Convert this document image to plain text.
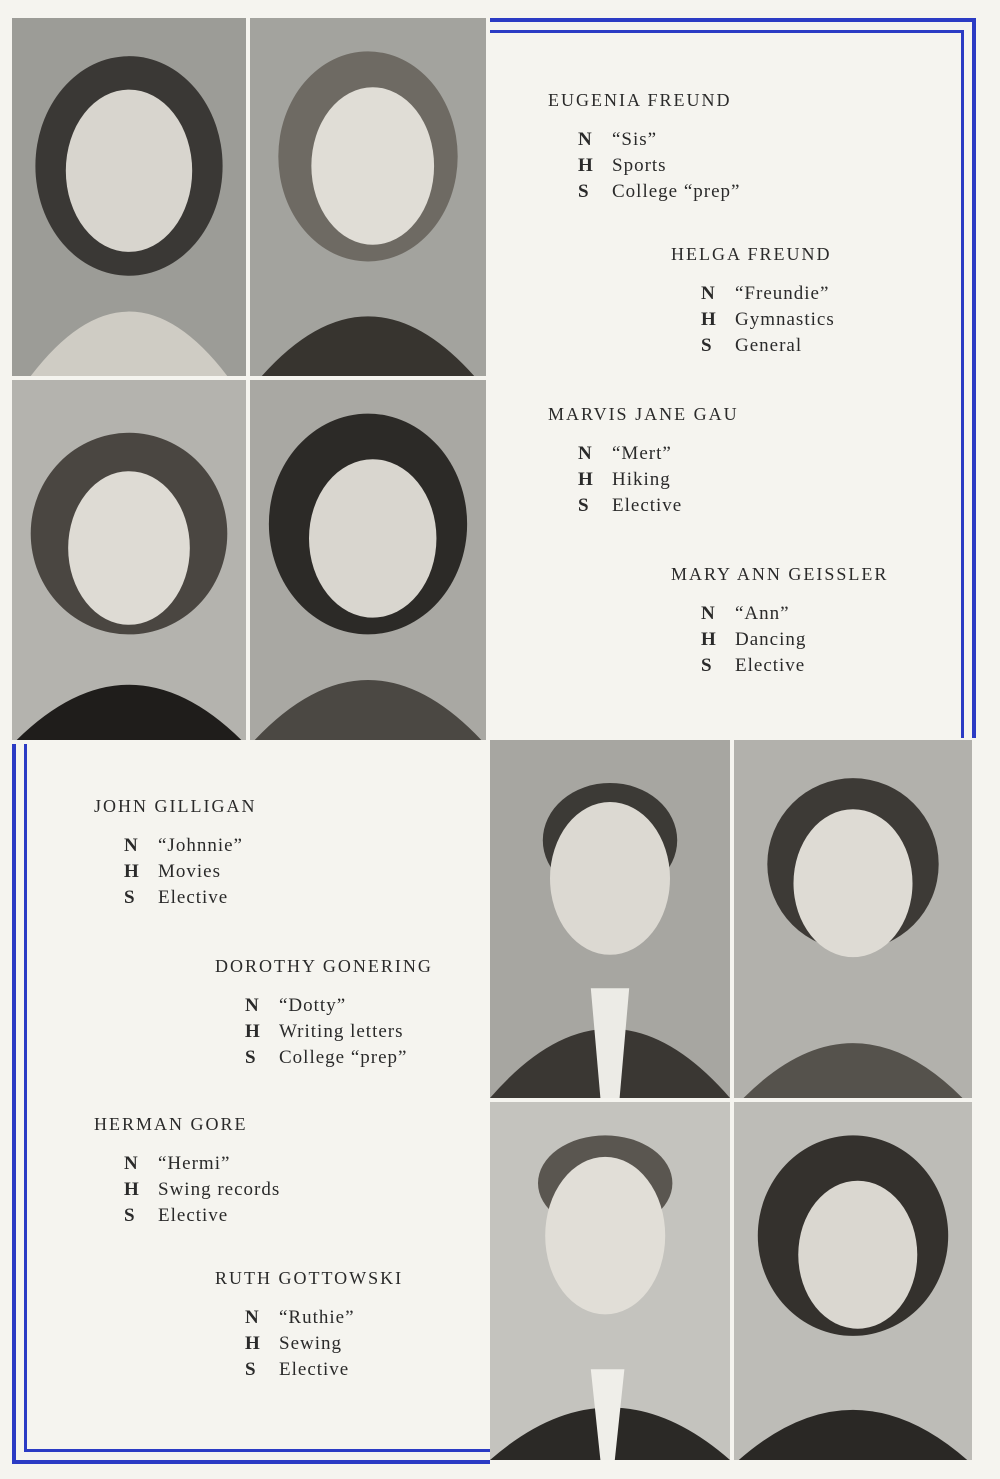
EUGENIA FREUND
N	“Sis”
H Sports
S	College “prep”
HELGA FREUND
N	“Freundie”
H Gymnastics
S	General
MARVIS JANE GAU
N	“Mert”
H Hiking
S	Elective
MARY ANN GEISSLER
N	“Ann”
H Dancing
S	Elective
JOHN GILLIGAN
N	“Johnnie”
H Movies
S	Elective
DOROTHY GONERING
N	“Dotty”
H Writing letters
S	College “prep”
HERMAN GORE
N	“Hermi”
H Swing records
S	Elective
RUTH GOTTOWSKI
N	“Ruthie”
H Sewing
S	Elective
